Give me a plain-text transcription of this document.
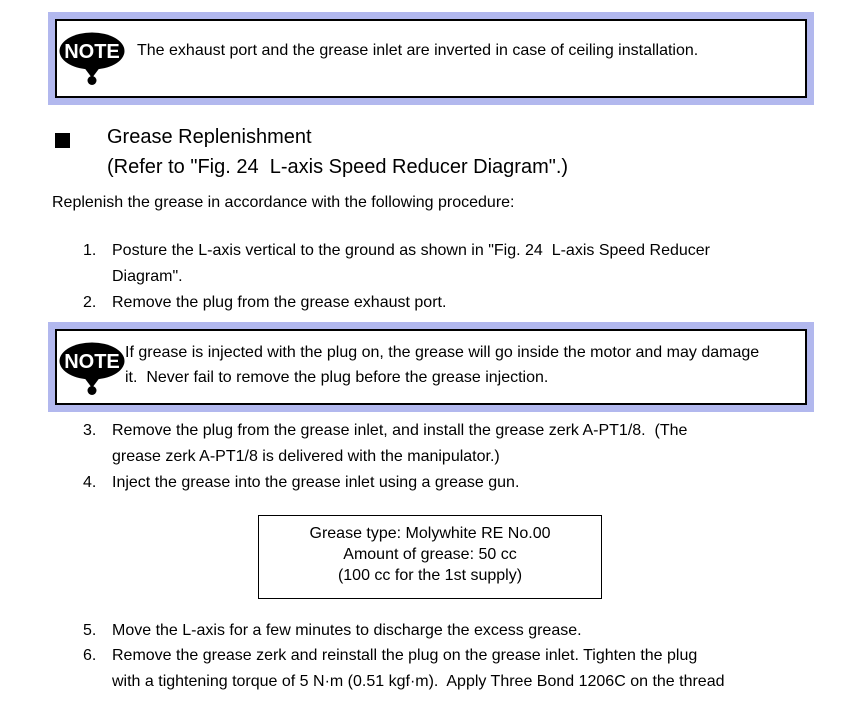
NOTE The exhaust port and the grease inlet are inverted in case of ceiling installation.
Grease Replenishment
(Refer to "Fig. 24  L-axis Speed Reducer Diagram".)
Replenish the grease in accordance with the following procedure:
1. Posture the L-axis vertical to the ground as shown in "Fig. 24  L-axis Speed Reducer
Diagram".
2. Remove the plug from the grease exhaust port.
NOTE If grease is injected with the plug on, the grease will go inside the motor and may damage
it.  Never fail to remove the plug before the grease injection.
3. Remove the plug from the grease inlet, and install the grease zerk A-PT1/8.  (The
grease zerk A-PT1/8 is delivered with the manipulator.)
4. Inject the grease into the grease inlet using a grease gun.
Grease type: Molywhite RE No.00
Amount of grease: 50 cc
(100 cc for the 1st supply)
5. Move the L-axis for a few minutes to discharge the excess grease.
6. Remove the grease zerk and reinstall the plug on the grease inlet. Tighten the plug
with a tightening torque of 5 N·m (0.51 kgf·m).  Apply Three Bond 1206C on the thread
